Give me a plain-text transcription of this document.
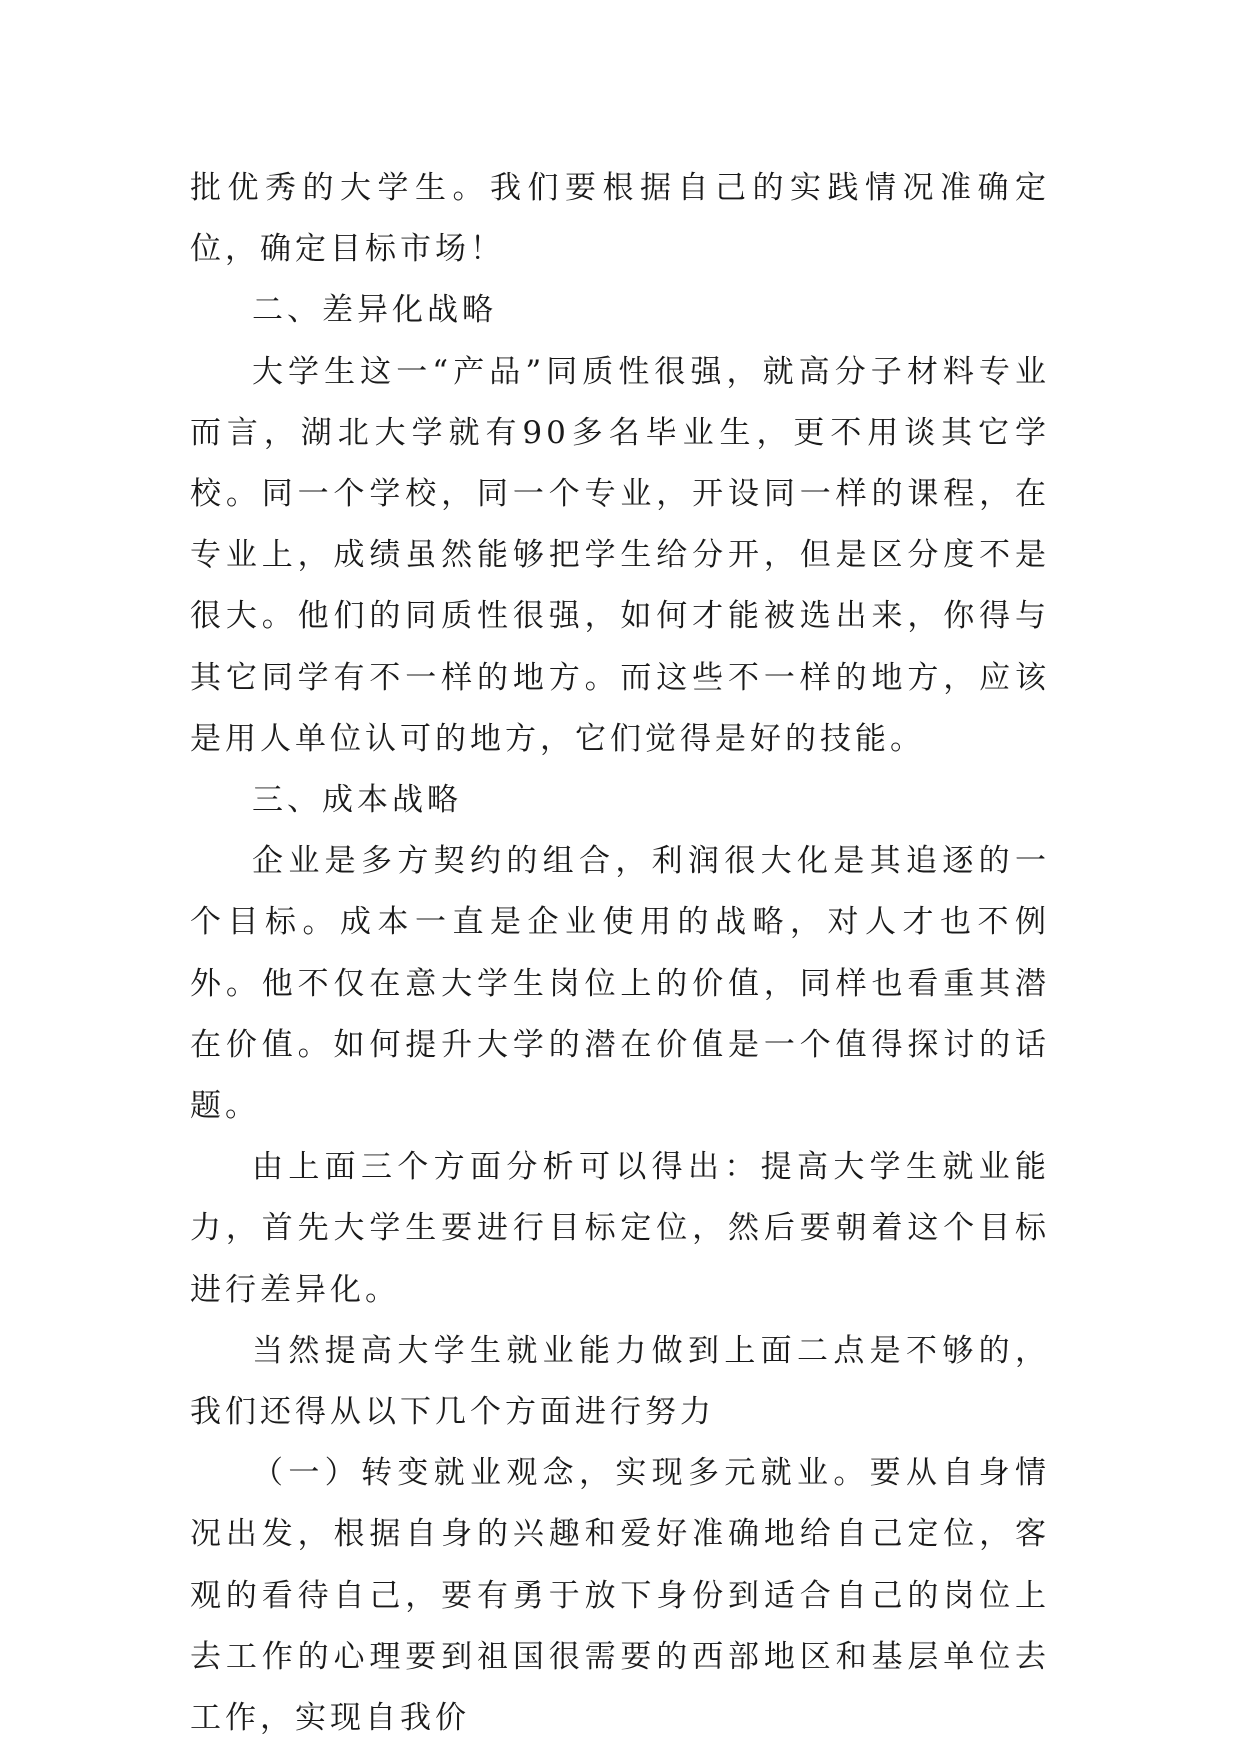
批优秀的大学生。我们要根据自己的实践情况准确定位，确定目标市场！

二、差异化战略

大学生这一“产品”同质性很强，就高分子材料专业而言，湖北大学就有90多名毕业生，更不用谈其它学校。同一个学校，同一个专业，开设同一样的课程，在专业上，成绩虽然能够把学生给分开，但是区分度不是很大。他们的同质性很强，如何才能被选出来，你得与其它同学有不一样的地方。而这些不一样的地方，应该是用人单位认可的地方，它们觉得是好的技能。

三、成本战略

企业是多方契约的组合，利润很大化是其追逐的一个目标。成本一直是企业使用的战略，对人才也不例外。他不仅在意大学生岗位上的价值，同样也看重其潜在价值。如何提升大学的潜在价值是一个值得探讨的话题。

由上面三个方面分析可以得出：提高大学生就业能力，首先大学生要进行目标定位，然后要朝着这个目标进行差异化。

当然提高大学生就业能力做到上面二点是不够的，我们还得从以下几个方面进行努力

（一）转变就业观念，实现多元就业。要从自身情况出发，根据自身的兴趣和爱好准确地给自己定位，客观的看待自己，要有勇于放下身份到适合自己的岗位上去工作的心理要到祖国很需要的西部地区和基层单位去工作，实现自我价
